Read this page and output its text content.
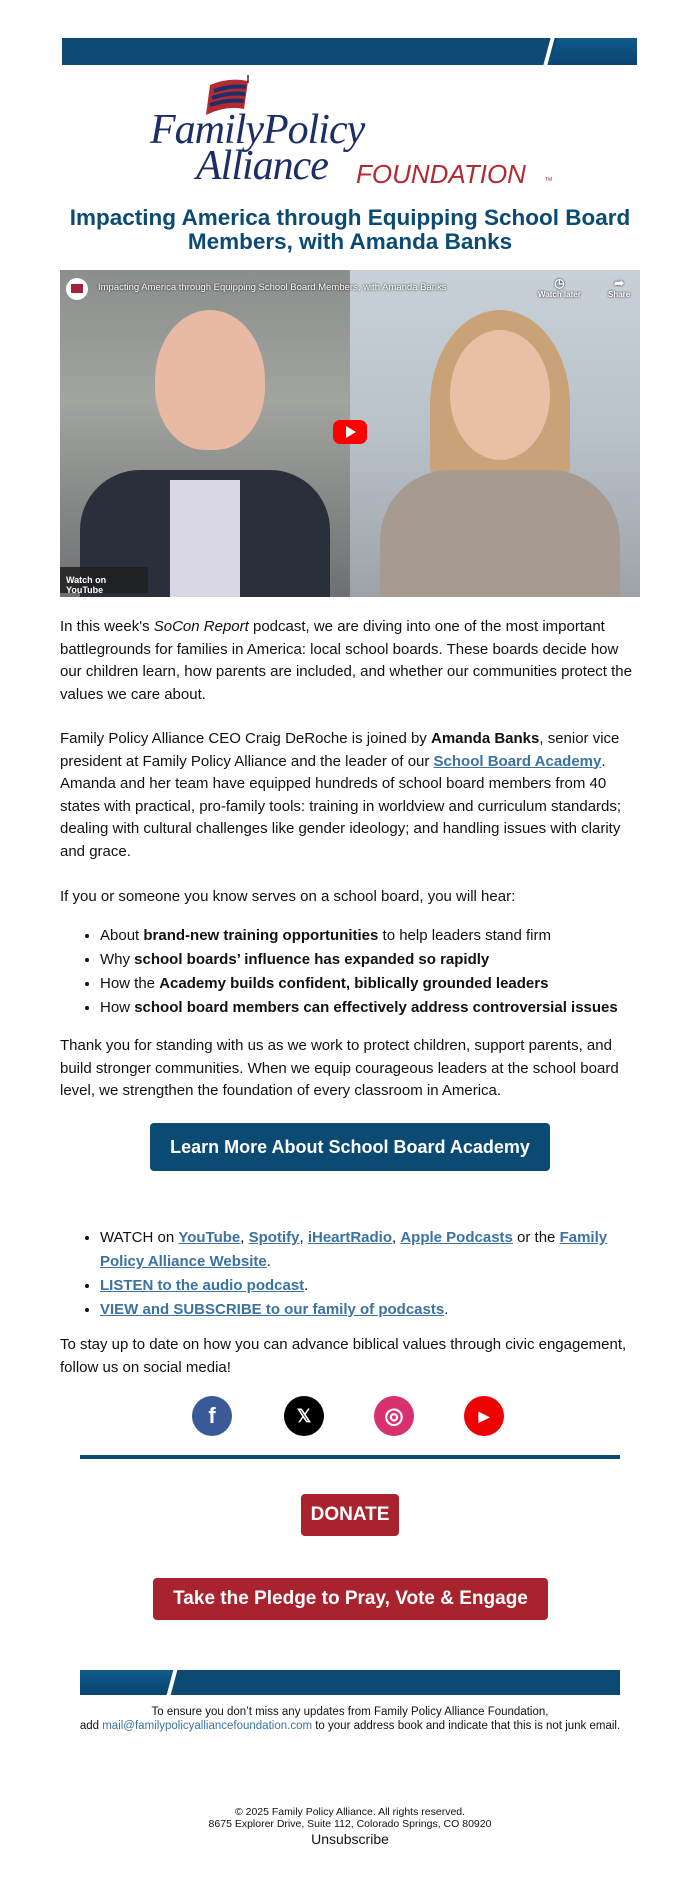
FamilyPolicy
Alliance FOUNDATION	TM
Impacting America through Equipping School Board Members, with Amanda Banks
Impacting America through Equipping School Board Members, with Amanda Banks	◷
Watch later
➦
Share
Watch on YouTube

In this week's SoCon Report podcast, we are diving into one of the most important battlegrounds for families in America: local school boards. These boards decide how our children learn, how parents are included, and whether our communities protect the values we care about.

Family Policy Alliance CEO Craig DeRoche is joined by Amanda Banks, senior vice president at Family Policy Alliance and the leader of our School Board Academy. Amanda and her team have equipped hundreds of school board members from 40 states with practical, pro-family tools: training in worldview and curriculum standards; dealing with cultural challenges like gender ideology; and handling issues with clarity and grace.

If you or someone you know serves on a school board, you will hear:

• About brand-new training opportunities to help leaders stand firm
• Why school boards’ influence has expanded so rapidly
• How the Academy builds confident, biblically grounded leaders
• How school board members can effectively address controversial issues

Thank you for standing with us as we work to protect children, support parents, and build stronger communities. When we equip courageous leaders at the school board level, we strengthen the foundation of every classroom in America.

Learn More About School Board Academy
• WATCH on YouTube, Spotify, iHeartRadio, Apple Podcasts or the Family Policy Alliance Website.
• LISTEN to the audio podcast.
• VIEW and SUBSCRIBE to our family of podcasts.

To stay up to date on how you can advance biblical values through civic engagement, follow us on social media!

f	𝕏	◎	▶
DONATE
Take the Pledge to Pray, Vote & Engage
To ensure you don’t miss any updates from Family Policy Alliance Foundation,
add mail@familypolicyalliancefoundation.com to your address book and indicate that this is not junk email.
© 2025 Family Policy Alliance. All rights reserved.
8675 Explorer Drive, Suite 112, Colorado Springs, CO 80920
Unsubscribe
